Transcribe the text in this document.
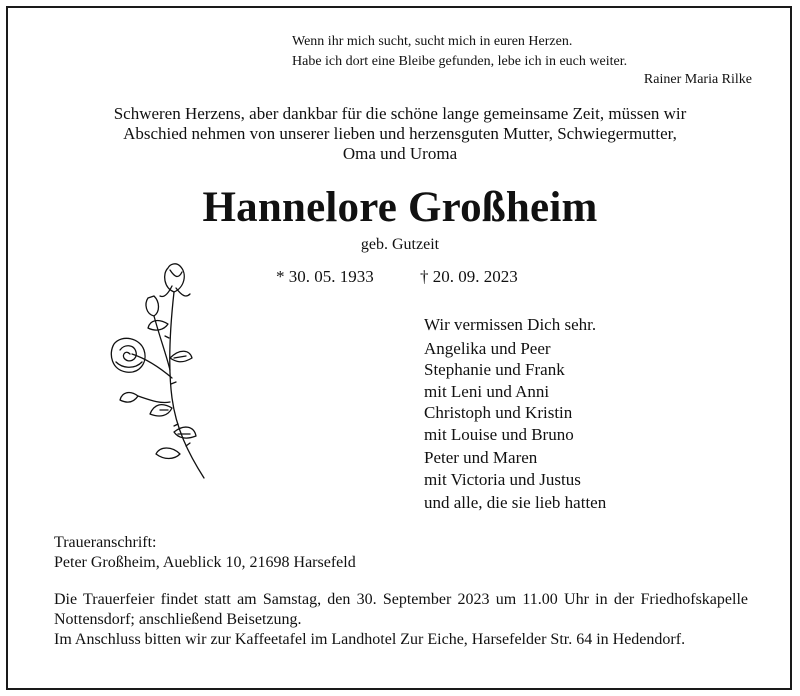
Wenn ihr mich sucht, sucht mich in euren Herzen.
Habe ich dort eine Bleibe gefunden, lebe ich in euch weiter.
Rainer Maria Rilke
Schweren Herzens, aber dankbar für die schöne lange gemeinsame Zeit, müssen wir
Abschied nehmen von unserer lieben und herzensguten Mutter, Schwiegermutter,
Oma und Uroma
Hannelore Großheim
geb. Gutzeit
* 30. 05. 1933	† 20. 09. 2023
Wir vermissen Dich sehr.
Angelika und Peer
Stephanie und Frank
mit Leni und Anni
Christoph und Kristin
mit Louise und Bruno
Peter und Maren
mit Victoria und Justus
und alle, die sie lieb hatten
Traueranschrift:
Peter Großheim, Aueblick 10, 21698 Harsefeld
Die Trauerfeier findet statt am Samstag, den 30. September 2023 um 11.00 Uhr in der Friedhofskapelle Nottensdorf; anschließend Beisetzung.
Im Anschluss bitten wir zur Kaffeetafel im Landhotel Zur Eiche, Harsefelder Str. 64 in Hedendorf.
